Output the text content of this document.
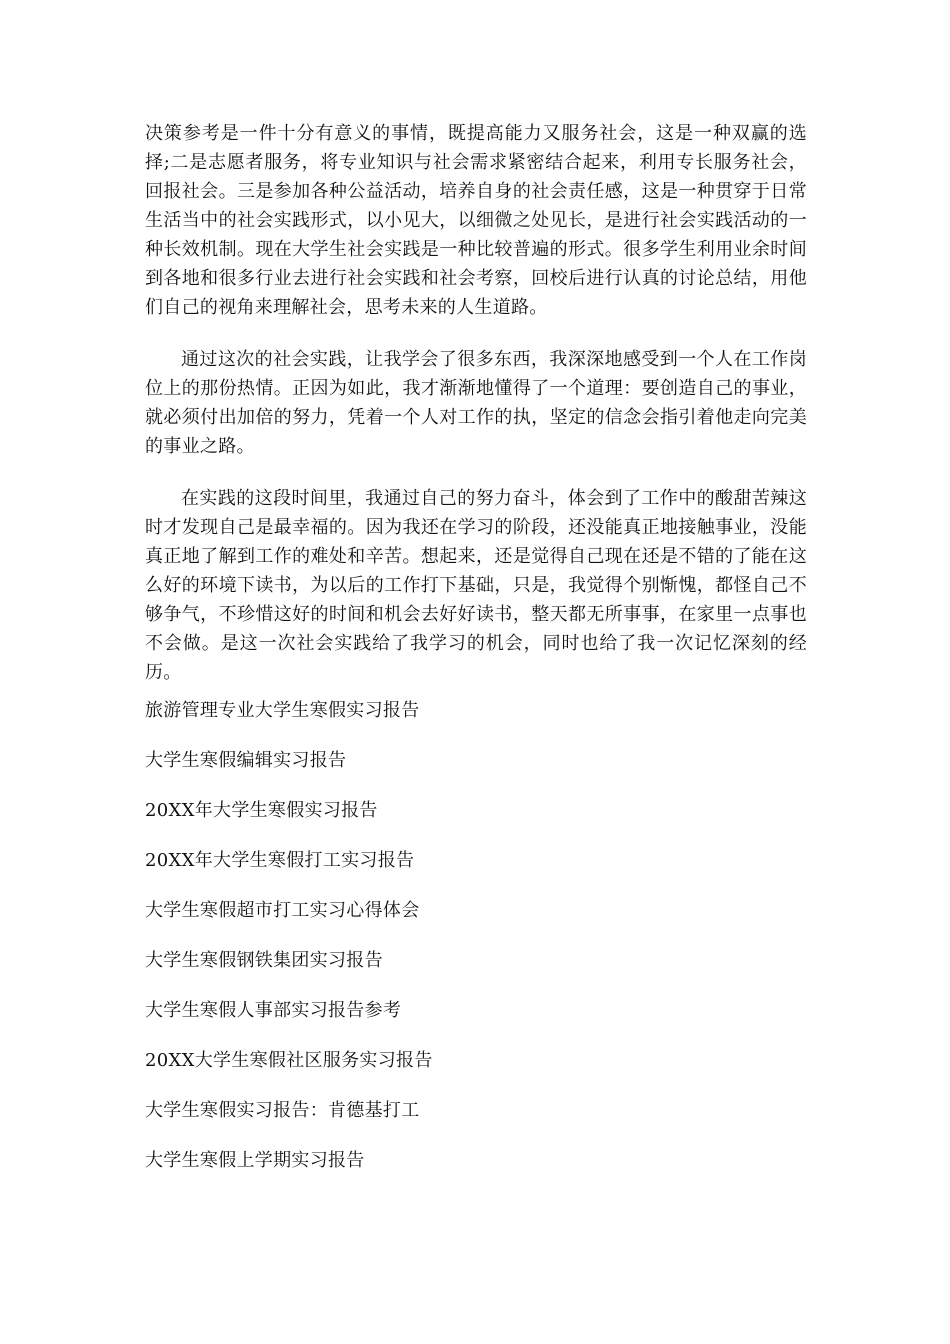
决策参考是一件十分有意义的事情，既提高能力又服务社会，这是一种双赢的选择;二是志愿者服务，将专业知识与社会需求紧密结合起来，利用专长服务社会，回报社会。三是参加各种公益活动，培养自身的社会责任感，这是一种贯穿于日常生活当中的社会实践形式，以小见大，以细微之处见长，是进行社会实践活动的一种长效机制。现在大学生社会实践是一种比较普遍的形式。很多学生利用业余时间到各地和很多行业去进行社会实践和社会考察，回校后进行认真的讨论总结，用他们自己的视角来理解社会，思考未来的人生道路。

通过这次的社会实践，让我学会了很多东西，我深深地感受到一个人在工作岗位上的那份热情。正因为如此，我才渐渐地懂得了一个道理：要创造自己的事业，就必须付出加倍的努力，凭着一个人对工作的执，坚定的信念会指引着他走向完美的事业之路。

在实践的这段时间里，我通过自己的努力奋斗，体会到了工作中的酸甜苦辣这时才发现自己是最幸福的。因为我还在学习的阶段，还没能真正地接触事业，没能真正地了解到工作的难处和辛苦。想起来，还是觉得自己现在还是不错的了能在这么好的环境下读书，为以后的工作打下基础，只是，我觉得个别惭愧，都怪自己不够争气，不珍惜这好的时间和机会去好好读书，整天都无所事事，在家里一点事也不会做。是这一次社会实践给了我学习的机会，同时也给了我一次记忆深刻的经历。

旅游管理专业大学生寒假实习报告
大学生寒假编辑实习报告
20XX年大学生寒假实习报告
20XX年大学生寒假打工实习报告
大学生寒假超市打工实习心得体会
大学生寒假钢铁集团实习报告
大学生寒假人事部实习报告参考
20XX大学生寒假社区服务实习报告
大学生寒假实习报告：肯德基打工
大学生寒假上学期实习报告
